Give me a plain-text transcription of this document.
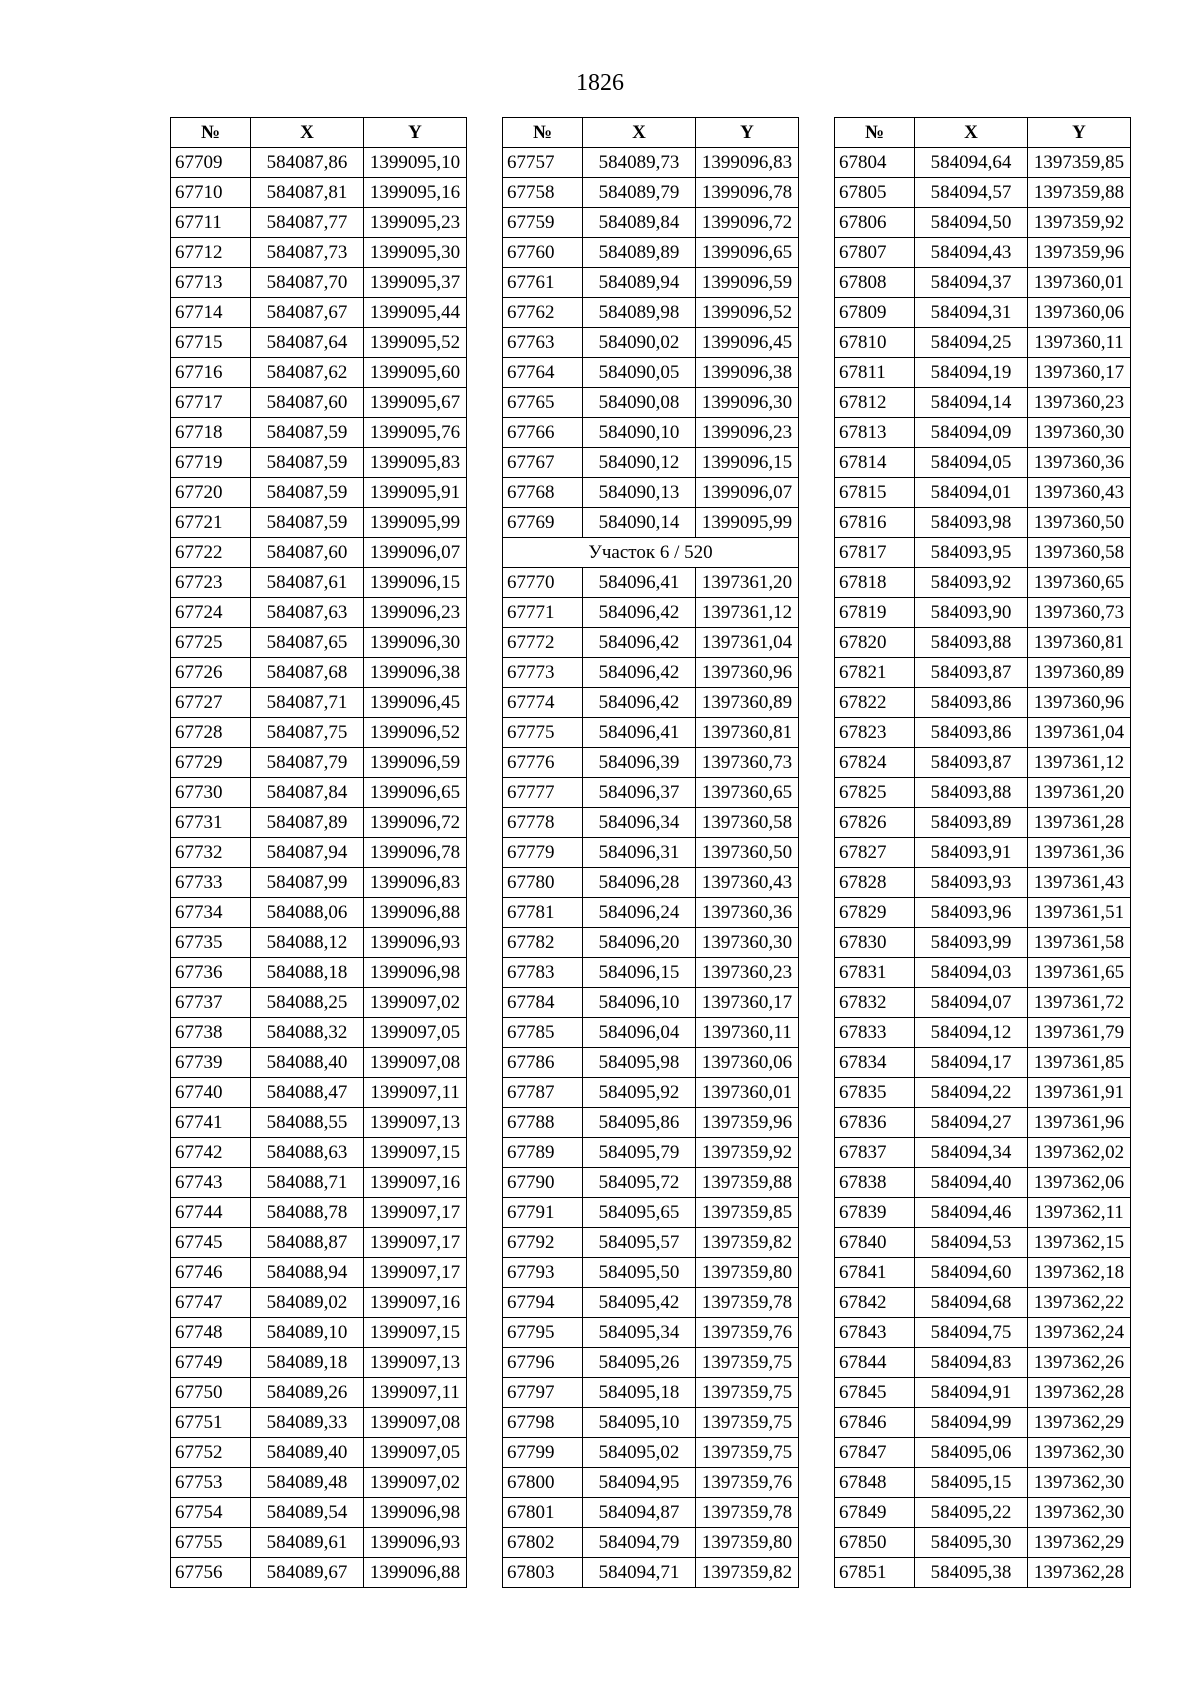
1826
№	X	Y
67709	584087,86	1399095,10
67710	584087,81	1399095,16
67711	584087,77	1399095,23
67712	584087,73	1399095,30
67713	584087,70	1399095,37
67714	584087,67	1399095,44
67715	584087,64	1399095,52
67716	584087,62	1399095,60
67717	584087,60	1399095,67
67718	584087,59	1399095,76
67719	584087,59	1399095,83
67720	584087,59	1399095,91
67721	584087,59	1399095,99
67722	584087,60	1399096,07
67723	584087,61	1399096,15
67724	584087,63	1399096,23
67725	584087,65	1399096,30
67726	584087,68	1399096,38
67727	584087,71	1399096,45
67728	584087,75	1399096,52
67729	584087,79	1399096,59
67730	584087,84	1399096,65
67731	584087,89	1399096,72
67732	584087,94	1399096,78
67733	584087,99	1399096,83
67734	584088,06	1399096,88
67735	584088,12	1399096,93
67736	584088,18	1399096,98
67737	584088,25	1399097,02
67738	584088,32	1399097,05
67739	584088,40	1399097,08
67740	584088,47	1399097,11
67741	584088,55	1399097,13
67742	584088,63	1399097,15
67743	584088,71	1399097,16
67744	584088,78	1399097,17
67745	584088,87	1399097,17
67746	584088,94	1399097,17
67747	584089,02	1399097,16
67748	584089,10	1399097,15
67749	584089,18	1399097,13
67750	584089,26	1399097,11
67751	584089,33	1399097,08
67752	584089,40	1399097,05
67753	584089,48	1399097,02
67754	584089,54	1399096,98
67755	584089,61	1399096,93
67756	584089,67	1399096,88
№	X	Y
67757	584089,73	1399096,83
67758	584089,79	1399096,78
67759	584089,84	1399096,72
67760	584089,89	1399096,65
67761	584089,94	1399096,59
67762	584089,98	1399096,52
67763	584090,02	1399096,45
67764	584090,05	1399096,38
67765	584090,08	1399096,30
67766	584090,10	1399096,23
67767	584090,12	1399096,15
67768	584090,13	1399096,07
67769	584090,14	1399095,99
Участок 6 / 520		
67770	584096,41	1397361,20
67771	584096,42	1397361,12
67772	584096,42	1397361,04
67773	584096,42	1397360,96
67774	584096,42	1397360,89
67775	584096,41	1397360,81
67776	584096,39	1397360,73
67777	584096,37	1397360,65
67778	584096,34	1397360,58
67779	584096,31	1397360,50
67780	584096,28	1397360,43
67781	584096,24	1397360,36
67782	584096,20	1397360,30
67783	584096,15	1397360,23
67784	584096,10	1397360,17
67785	584096,04	1397360,11
67786	584095,98	1397360,06
67787	584095,92	1397360,01
67788	584095,86	1397359,96
67789	584095,79	1397359,92
67790	584095,72	1397359,88
67791	584095,65	1397359,85
67792	584095,57	1397359,82
67793	584095,50	1397359,80
67794	584095,42	1397359,78
67795	584095,34	1397359,76
67796	584095,26	1397359,75
67797	584095,18	1397359,75
67798	584095,10	1397359,75
67799	584095,02	1397359,75
67800	584094,95	1397359,76
67801	584094,87	1397359,78
67802	584094,79	1397359,80
67803	584094,71	1397359,82
№	X	Y
67804	584094,64	1397359,85
67805	584094,57	1397359,88
67806	584094,50	1397359,92
67807	584094,43	1397359,96
67808	584094,37	1397360,01
67809	584094,31	1397360,06
67810	584094,25	1397360,11
67811	584094,19	1397360,17
67812	584094,14	1397360,23
67813	584094,09	1397360,30
67814	584094,05	1397360,36
67815	584094,01	1397360,43
67816	584093,98	1397360,50
67817	584093,95	1397360,58
67818	584093,92	1397360,65
67819	584093,90	1397360,73
67820	584093,88	1397360,81
67821	584093,87	1397360,89
67822	584093,86	1397360,96
67823	584093,86	1397361,04
67824	584093,87	1397361,12
67825	584093,88	1397361,20
67826	584093,89	1397361,28
67827	584093,91	1397361,36
67828	584093,93	1397361,43
67829	584093,96	1397361,51
67830	584093,99	1397361,58
67831	584094,03	1397361,65
67832	584094,07	1397361,72
67833	584094,12	1397361,79
67834	584094,17	1397361,85
67835	584094,22	1397361,91
67836	584094,27	1397361,96
67837	584094,34	1397362,02
67838	584094,40	1397362,06
67839	584094,46	1397362,11
67840	584094,53	1397362,15
67841	584094,60	1397362,18
67842	584094,68	1397362,22
67843	584094,75	1397362,24
67844	584094,83	1397362,26
67845	584094,91	1397362,28
67846	584094,99	1397362,29
67847	584095,06	1397362,30
67848	584095,15	1397362,30
67849	584095,22	1397362,30
67850	584095,30	1397362,29
67851	584095,38	1397362,28
